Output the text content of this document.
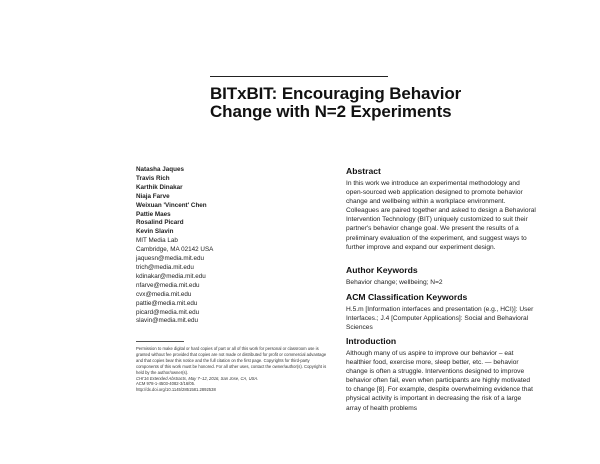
BITxBIT: Encouraging Behavior
Change with N=2 Experiments
Natasha Jaques
Travis Rich
Karthik Dinakar
Niaja Farve
Weixuan 'Vincent' Chen
Pattie Maes
Rosalind Picard
Kevin Slavin
MIT Media Lab
Cambridge, MA 02142 USA
jaquesn@media.mit.edu
trich@media.mit.edu
kdinakar@media.mit.edu
nfarve@media.mit.edu
cvx@media.mit.edu
pattie@media.mit.edu
picard@media.mit.edu
slavin@media.mit.edu
Permission to make digital or hard copies of part or all of this work for personal or classroom use is granted without fee provided that copies are not made or distributed for profit or commercial advantage and that copies bear this notice and the full citation on the first page. Copyrights for third-party components of this work must be honored. For all other uses, contact the owner/author(s). Copyright is held by the author/owner(s).
CHI'16 Extended Abstracts, May 7–12, 2016, San Jose, CA, USA.
ACM 978-1-4503-4082-3/16/05.
http://dx.doi.org/10.1145/2851581.2892538
Abstract

In this work we introduce an experimental methodology and open-sourced web application designed to promote behavior change and wellbeing within a workplace environment. Colleagues are paired together and asked to design a Behavioral Intervention Technology (BIT) uniquely customized to suit their partner's behavior change goal. We present the results of a preliminary evaluation of the experiment, and suggest ways to further improve and expand our experiment design.

Author Keywords

Behavior change; wellbeing; N=2

ACM Classification Keywords

H.5.m [Information interfaces and presentation (e.g., HCI)]: User Interfaces.; J.4 [Computer Applications]: Social and Behavioral Sciences

Introduction

Although many of us aspire to improve our behavior – eat healthier food, exercise more, sleep better, etc. — behavior change is often a struggle. Interventions designed to improve behavior often fail, even when participants are highly motivated to change [8]. For example, despite overwhelming evidence that physical activity is important in decreasing the risk of a large array of health problems
